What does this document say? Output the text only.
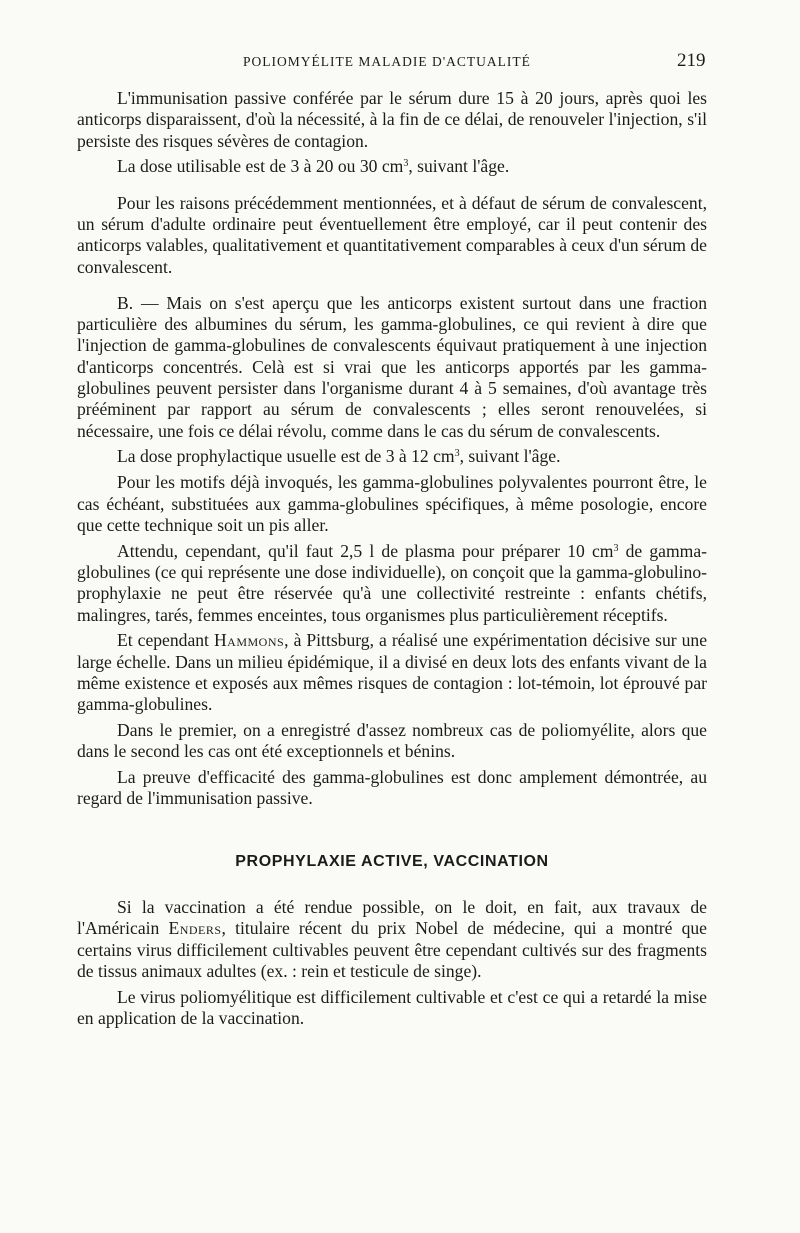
POLIOMYÉLITE MALADIE D'ACTUALITÉ	219

L'immunisation passive conférée par le sérum dure 15 à 20 jours, après quoi les anticorps disparaissent, d'où la nécessité, à la fin de ce délai, de renouveler l'injection, s'il persiste des risques sévères de contagion.

La dose utilisable est de 3 à 20 ou 30 $cm^3$, suivant l'âge.

Pour les raisons précédemment mentionnées, et à défaut de sérum de convalescent, un sérum d'adulte ordinaire peut éventuellement être employé, car il peut contenir des anticorps valables, qualitativement et quantitativement comparables à ceux d'un sérum de convalescent.

B. — Mais on s'est aperçu que les anticorps existent surtout dans une fraction particulière des albumines du sérum, les gamma-globulines, ce qui revient à dire que l'injection de gamma-globulines de convalescents équivaut pratiquement à une injection d'anticorps concentrés. Celà est si vrai que les anticorps apportés par les gamma-globulines peuvent persister dans l'organisme durant 4 à 5 semaines, d'où avantage très prééminent par rapport au sérum de convalescents ; elles seront renouvelées, si nécessaire, une fois ce délai révolu, comme dans le cas du sérum de convalescents.

La dose prophylactique usuelle est de 3 à 12 $cm^3$, suivant l'âge.

Pour les motifs déjà invoqués, les gamma-globulines polyvalentes pourront être, le cas échéant, substituées aux gamma-globulines spécifiques, à même posologie, encore que cette technique soit un pis aller.

Attendu, cependant, qu'il faut 2,5 l de plasma pour préparer 10 $cm^3$ de gamma-globulines (ce qui représente une dose individuelle), on conçoit que la gamma-globulino-prophylaxie ne peut être réservée qu'à une collectivité restreinte : enfants chétifs, malingres, tarés, femmes enceintes, tous organismes plus particulièrement réceptifs.

Et cependant Hammons, à Pittsburg, a réalisé une expérimentation décisive sur une large échelle. Dans un milieu épidémique, il a divisé en deux lots des enfants vivant de la même existence et exposés aux mêmes risques de contagion : lot-témoin, lot éprouvé par gamma-globulines.

Dans le premier, on a enregistré d'assez nombreux cas de poliomyélite, alors que dans le second les cas ont été exceptionnels et bénins.

La preuve d'efficacité des gamma-globulines est donc amplement démontrée, au regard de l'immunisation passive.

PROPHYLAXIE ACTIVE, VACCINATION

Si la vaccination a été rendue possible, on le doit, en fait, aux travaux de l'Américain Enders, titulaire récent du prix Nobel de médecine, qui a montré que certains virus difficilement cultivables peuvent être cependant cultivés sur des fragments de tissus animaux adultes (ex. : rein et testicule de singe).

Le virus poliomyélitique est difficilement cultivable et c'est ce qui a retardé la mise en application de la vaccination.
